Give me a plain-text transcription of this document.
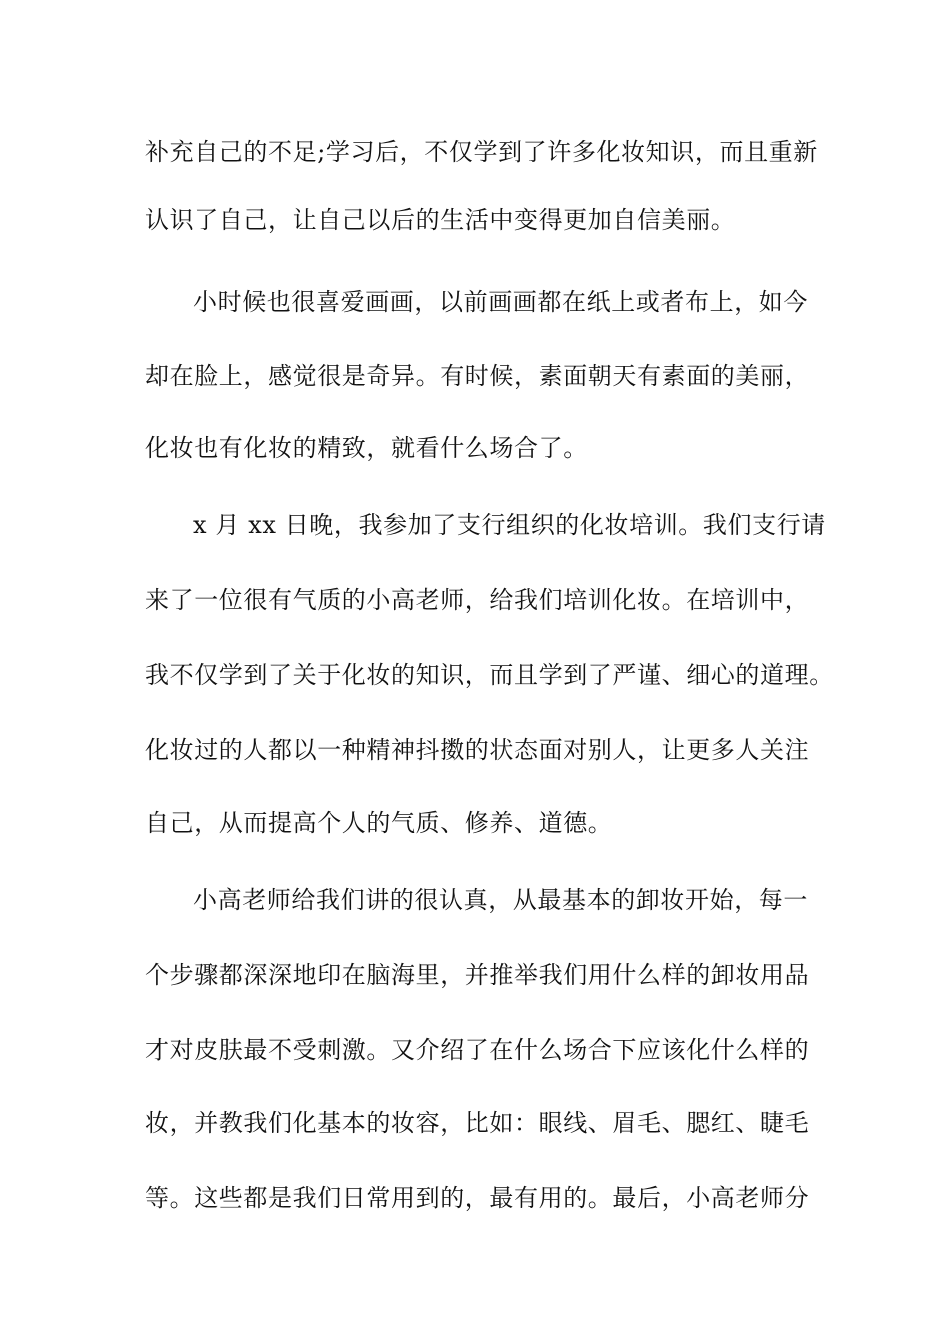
补充自己的不足;学习后，不仅学到了许多化妆知识，而且重新
认识了自己，让自己以后的生活中变得更加自信美丽。
小时候也很喜爱画画，以前画画都在纸上或者布上，如今
却在脸上，感觉很是奇异。有时候，素面朝天有素面的美丽，
化妆也有化妆的精致，就看什么场合了。
x 月 xx 日晚，我参加了支行组织的化妆培训。我们支行请
来了一位很有气质的小高老师，给我们培训化妆。在培训中，
我不仅学到了关于化妆的知识，而且学到了严谨、细心的道理。
化妆过的人都以一种精神抖擞的状态面对别人，让更多人关注
自己，从而提高个人的气质、修养、道德。
小高老师给我们讲的很认真，从最基本的卸妆开始，每一
个步骤都深深地印在脑海里，并推举我们用什么样的卸妆用品
才对皮肤最不受刺激。又介绍了在什么场合下应该化什么样的
妆，并教我们化基本的妆容，比如：眼线、眉毛、腮红、睫毛
等。这些都是我们日常用到的，最有用的。最后，小高老师分
